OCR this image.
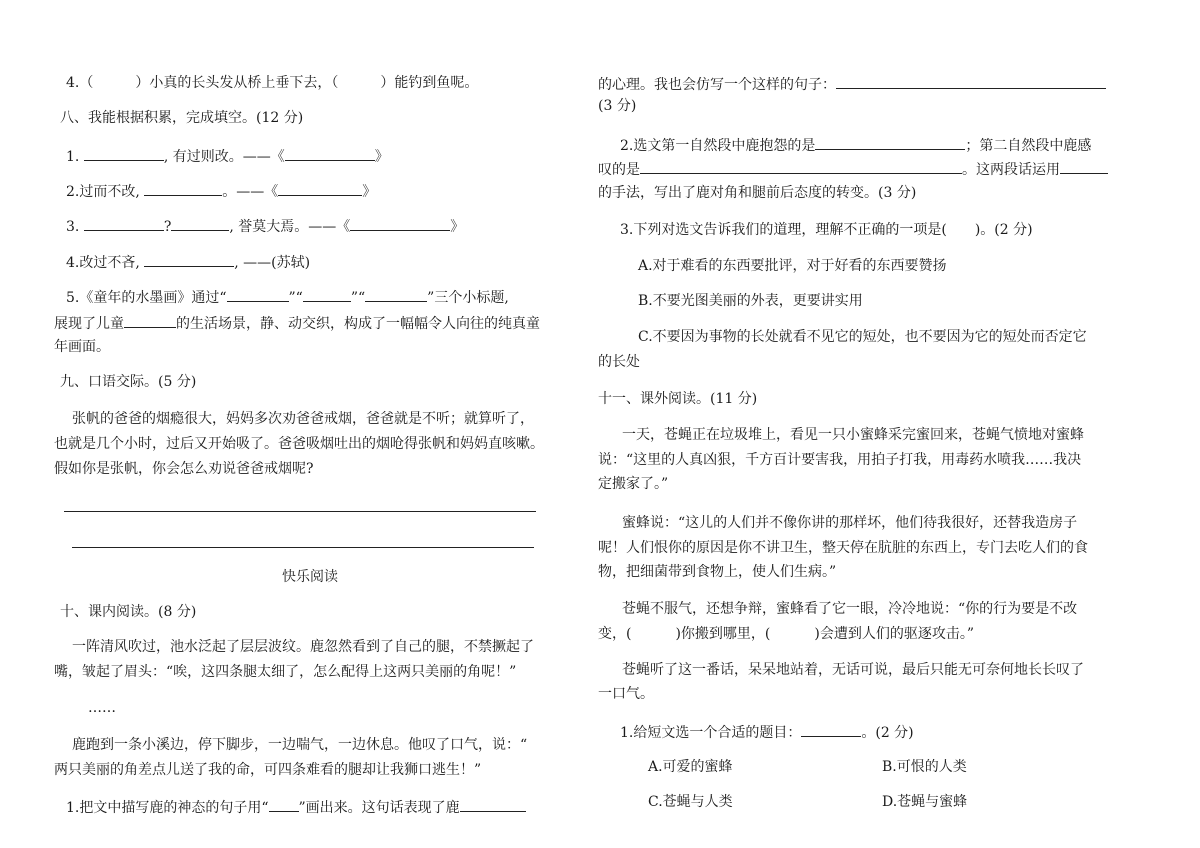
4.（	）小真的长头发从桥上垂下去，（	）能钓到鱼呢。
八、我能根据积累，完成填空。(12 分)
1.	, 有过则改。——《	》
2.过而不改,	。——《	》
3.	?	, 誉莫大焉。——《	》
4.改过不吝,	, ——(苏轼)
5.《童年的水墨画》通过“	”“	”“	”三个小标题,
展现了儿童	的生活场景，静、动交织，构成了一幅幅令人向往的纯真童
年画面。
九、口语交际。(5 分)
张帆的爸爸的烟瘾很大，妈妈多次劝爸爸戒烟，爸爸就是不听；就算听了，
也就是几个小时，过后又开始吸了。爸爸吸烟吐出的烟呛得张帆和妈妈直咳嗽。
假如你是张帆，你会怎么劝说爸爸戒烟呢?
快乐阅读
十、课内阅读。(8 分)
一阵清风吹过，池水泛起了层层波纹。鹿忽然看到了自己的腿，不禁撅起了
嘴，皱起了眉头：“唉，这四条腿太细了，怎么配得上这两只美丽的角呢！”
……
鹿跑到一条小溪边，停下脚步，一边喘气，一边休息。他叹了口气，说：“
两只美丽的角差点儿送了我的命，可四条难看的腿却让我狮口逃生！”
1.把文中描写鹿的神态的句子用“ ”画出来。这句话表现了鹿
的心理。我也会仿写一个这样的句子：
(3 分)
2.选文第一自然段中鹿抱怨的是	；第二自然段中鹿感
叹的是	。这两段话运用
的手法，写出了鹿对角和腿前后态度的转变。(3 分)
3.下列对选文告诉我们的道理，理解不正确的一项是(　　)。(2 分)
A.对于难看的东西要批评，对于好看的东西要赞扬
B.不要光图美丽的外表，更要讲实用
C.不要因为事物的长处就看不见它的短处，也不要因为它的短处而否定它
的长处
十一、课外阅读。(11 分)
一天，苍蝇正在垃圾堆上，看见一只小蜜蜂采完蜜回来，苍蝇气愤地对蜜蜂
说：“这里的人真凶狠，千方百计要害我，用拍子打我，用毒药水喷我……我决
定搬家了。”
蜜蜂说：“这儿的人们并不像你讲的那样坏，他们待我很好，还替我造房子
呢！人们恨你的原因是你不讲卫生，整天停在肮脏的东西上，专门去吃人们的食
物，把细菌带到食物上，使人们生病。”
苍蝇不服气，还想争辩，蜜蜂看了它一眼，冷冷地说：“你的行为要是不改
变，(	)你搬到哪里，(	)会遭到人们的驱逐攻击。”
苍蝇听了这一番话，呆呆地站着，无话可说，最后只能无可奈何地长长叹了
一口气。
1.给短文选一个合适的题目：	。(2 分)
A.可爱的蜜蜂	B.可恨的人类
C.苍蝇与人类	D.苍蝇与蜜蜂
